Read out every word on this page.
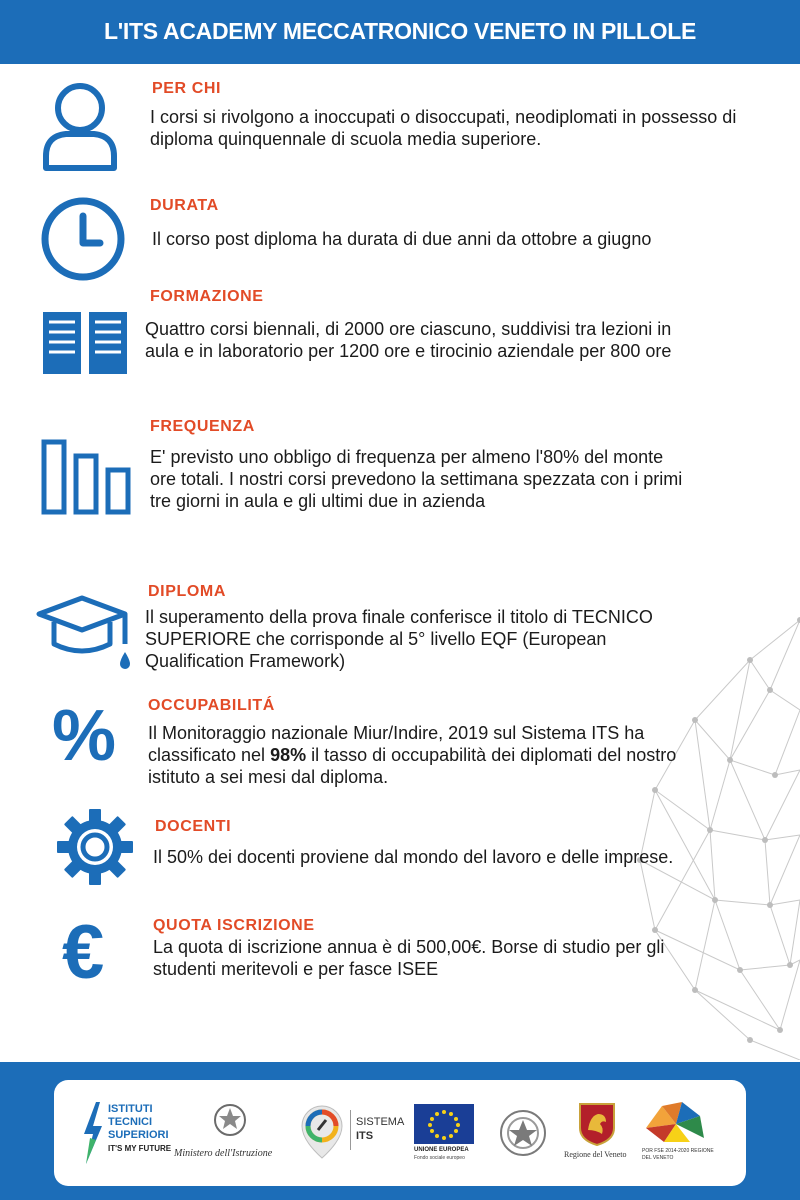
L'ITS ACADEMY MECCATRONICO VENETO IN PILLOLE
PER CHI
I corsi si rivolgono a inoccupati o disoccupati, neodiplomati in possesso di diploma quinquennale di scuola media superiore.
DURATA
Il corso post diploma ha durata di due anni da ottobre a giugno
FORMAZIONE
Quattro corsi biennali, di 2000 ore ciascuno, suddivisi tra lezioni in aula e in laboratorio per 1200 ore e tirocinio aziendale per 800 ore
FREQUENZA
E' previsto uno obbligo di frequenza per almeno l'80% del monte ore totali. I nostri corsi prevedono la settimana spezzata con i primi tre giorni in aula e gli ultimi due in azienda
DIPLOMA
Il superamento della prova finale conferisce il titolo di TECNICO SUPERIORE che corrisponde al 5° livello EQF (European Qualification Framework)
% OCCUPABILITÁ
Il Monitoraggio nazionale Miur/Indire, 2019 sul Sistema ITS ha classificato nel 98% il tasso di occupabilità dei diplomati del nostro istituto a sei mesi dal diploma.
DOCENTI
Il 50% dei docenti proviene dal mondo del lavoro e delle imprese.
€	QUOTA ISCRIZIONE
La quota di iscrizione annua è di 500,00€. Borse di studio per gli studenti meritevoli e per fasce ISEE
ISTITUTI
TECNICI
SUPERIORI
IT'S MY FUTURE Ministero dell'Istruzione
SISTEMA
ITS
UNIONE EUROPEA
Fondo sociale europeo	Regione del Veneto	POR FSE 2014-2020 REGIONE DEL VENETO
